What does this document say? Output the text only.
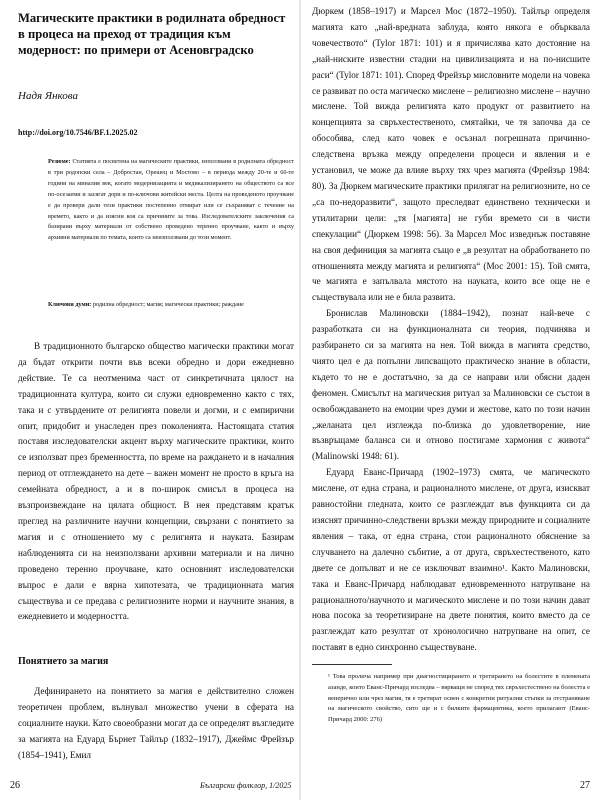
Магическите практики в родилната обредност в процеса на преход от традиция към модерност: по примери от Асеновградско
Надя Янкова
http://doi.org/10.7546/BF.1.2025.02
Резюме: Статията е посветена на магическите практики, използвани в родилната обредност в три родопски села – Добростан, Орешец и Мостово – в периода между 20-те и 60-те години на миналия век, когато модернизацията и медикализирането на обществото са все по-осезаеми и засягат дори и по-ключови житейски места. Целта на проведеното проучване е да провери дали тези практики постепенно отмират или се съхраняват с течение на времето, както и да изясни коя са причините за това. Изследователските заключения са базирани върху материали от собствено проведено теренно проучване, както и върху архивни материали по темата, които са неизползвани до този момент.
Ключови думи: родилна обредност; магия; магически практики; раждане

В традиционното българско общество магически практики могат да бъдат открити почти във всеки обредно и дори ежедневно действие. Те са неотменима част от синкретичната цялост на традиционната култура, които си служи едновременно както с тях, така и с утвърдените от религията повели и догми, и с емпирични опит, придобит и унаследен през поколенията. Настоящата статия поставя изследователски акцент върху магическите практики, които се използват през бременността, по време на раждането и в началния период от отглеждането на дете – важен момент не просто в кръга на семейната обредност, а и в по-широк смисъл в процеса на възпроизвеждане на цялата общност. В нея представям кратък преглед на различните научни концепции, свързани с понятието за магия и с отношението му с религията и науката. Базирам наблюденията си на неизползвани архивни материали и на лично проведено теренно проучване, като основният изследователски въпрос е дали е вярна хипотезата, че традиционната магия съществува и се предава с религиозните норми и научните знания, в ежедневието и модерността.

Понятието за магия

Дефинирането на понятието за магия е действително сложен теоретичен проблем, вълнувал множество учени в сферата на социалните науки. Като своеобразни могат да се определят възгледите за магията на Едуард Бърнет Тайлър (1832–1917), Джеймс Фрейзър (1854–1941), Емил

26	Български фолклор, 1/2025

Дюркем (1858–1917) и Марсел Мос (1872–1950). Тайлър определя магията като „най-вредната заблуда, която някога е обърквала човечеството“ (Tylor 1871: 101) и я причислява като достояние на „най-ниските известни стадии на цивилизацията и на по-нисшите раси“ (Tylor 1871: 101). Според Фрейзър мисловните модели на човека се развиват по оста магическо мислене – религиозно мислене – научно мислене. Той вижда религията като продукт от развитието на концепцията за свръхестественото, смятайки, че тя започва да се обособява, след като човек е осъзнал погрешната причинно-следствена връзка между определени процеси и явления и е установил, че може да влияе върху тях чрез магията (Фрейзър 1984: 80). За Дюркем магическите практики прилягат на религиозните, но се „са по-недоразвити“, защото преследват единствено технически и утилитарни цели: „тя [магията] не губи времето си в чисти спекулации“ (Дюркем 1998: 56). За Марсел Мос изведнъж поставяне на своя дефиниция за магията също е „в резултат на обработването по отношенията между магията и религията“ (Мос 2001: 15). Той смята, че магията е запълвала мястото на науката, които все още не е съществувала или не е била развита.

Бронислав Малиновски (1884–1942), познат най-вече с разработката си на функционалната си теория, подчинява и разбирането си за магията на нея. Той вижда в магията средство, чиято цел е да попълни липсващото практическо знание в области, където то не е достатъчно, за да се направи или обясни даден феномен. Смисълът на магическия ритуал за Малиновски се състои в освобождаването на емоции чрез думи и жестове, като по този начин „желаната цел изглежда по-близка до удовлетворение, ние възвръщаме баланса си и отново постигаме хармония с живота“ (Malinowski 1948: 61).

Едуард Еванс-Причард (1902–1973) смята, че магическото мислене, от една страна, и рационалното мислене, от друга, изискват равностойни гледната, които се разглеждат във функцията си да изяснят причинно-следствени връзки между природните и социалните явления – така, от една страна, стои рационалното обяснение за случването на далечно събитие, а от друга, свръхестественото, като двете се допълват и не се изключват взаимно¹. Както Малиновски, така и Еванс-Причард наблюдават едновременното натрупване на рационалното/научното и магическото мислене и по този начин дават нова посока за теоретизиране на двете понятия, които вместо да се разглеждат като резултат от хронологично натрупване на опит, се поставят в едно синхронно съществуване.

¹ Това пролича например при диагностицирането и третирането на болестите в племената азанде, които Еванс-Причард изследва – вярващи не според тях свръхестествено на болестта е венерично или чрез магия, тя е третират освен с конкретни ритуални стъпки за отстраняване на магическото свойство, сито ще и с билките фармацевтика, което прилагают (Еванс-Причард 2000: 276)
27
